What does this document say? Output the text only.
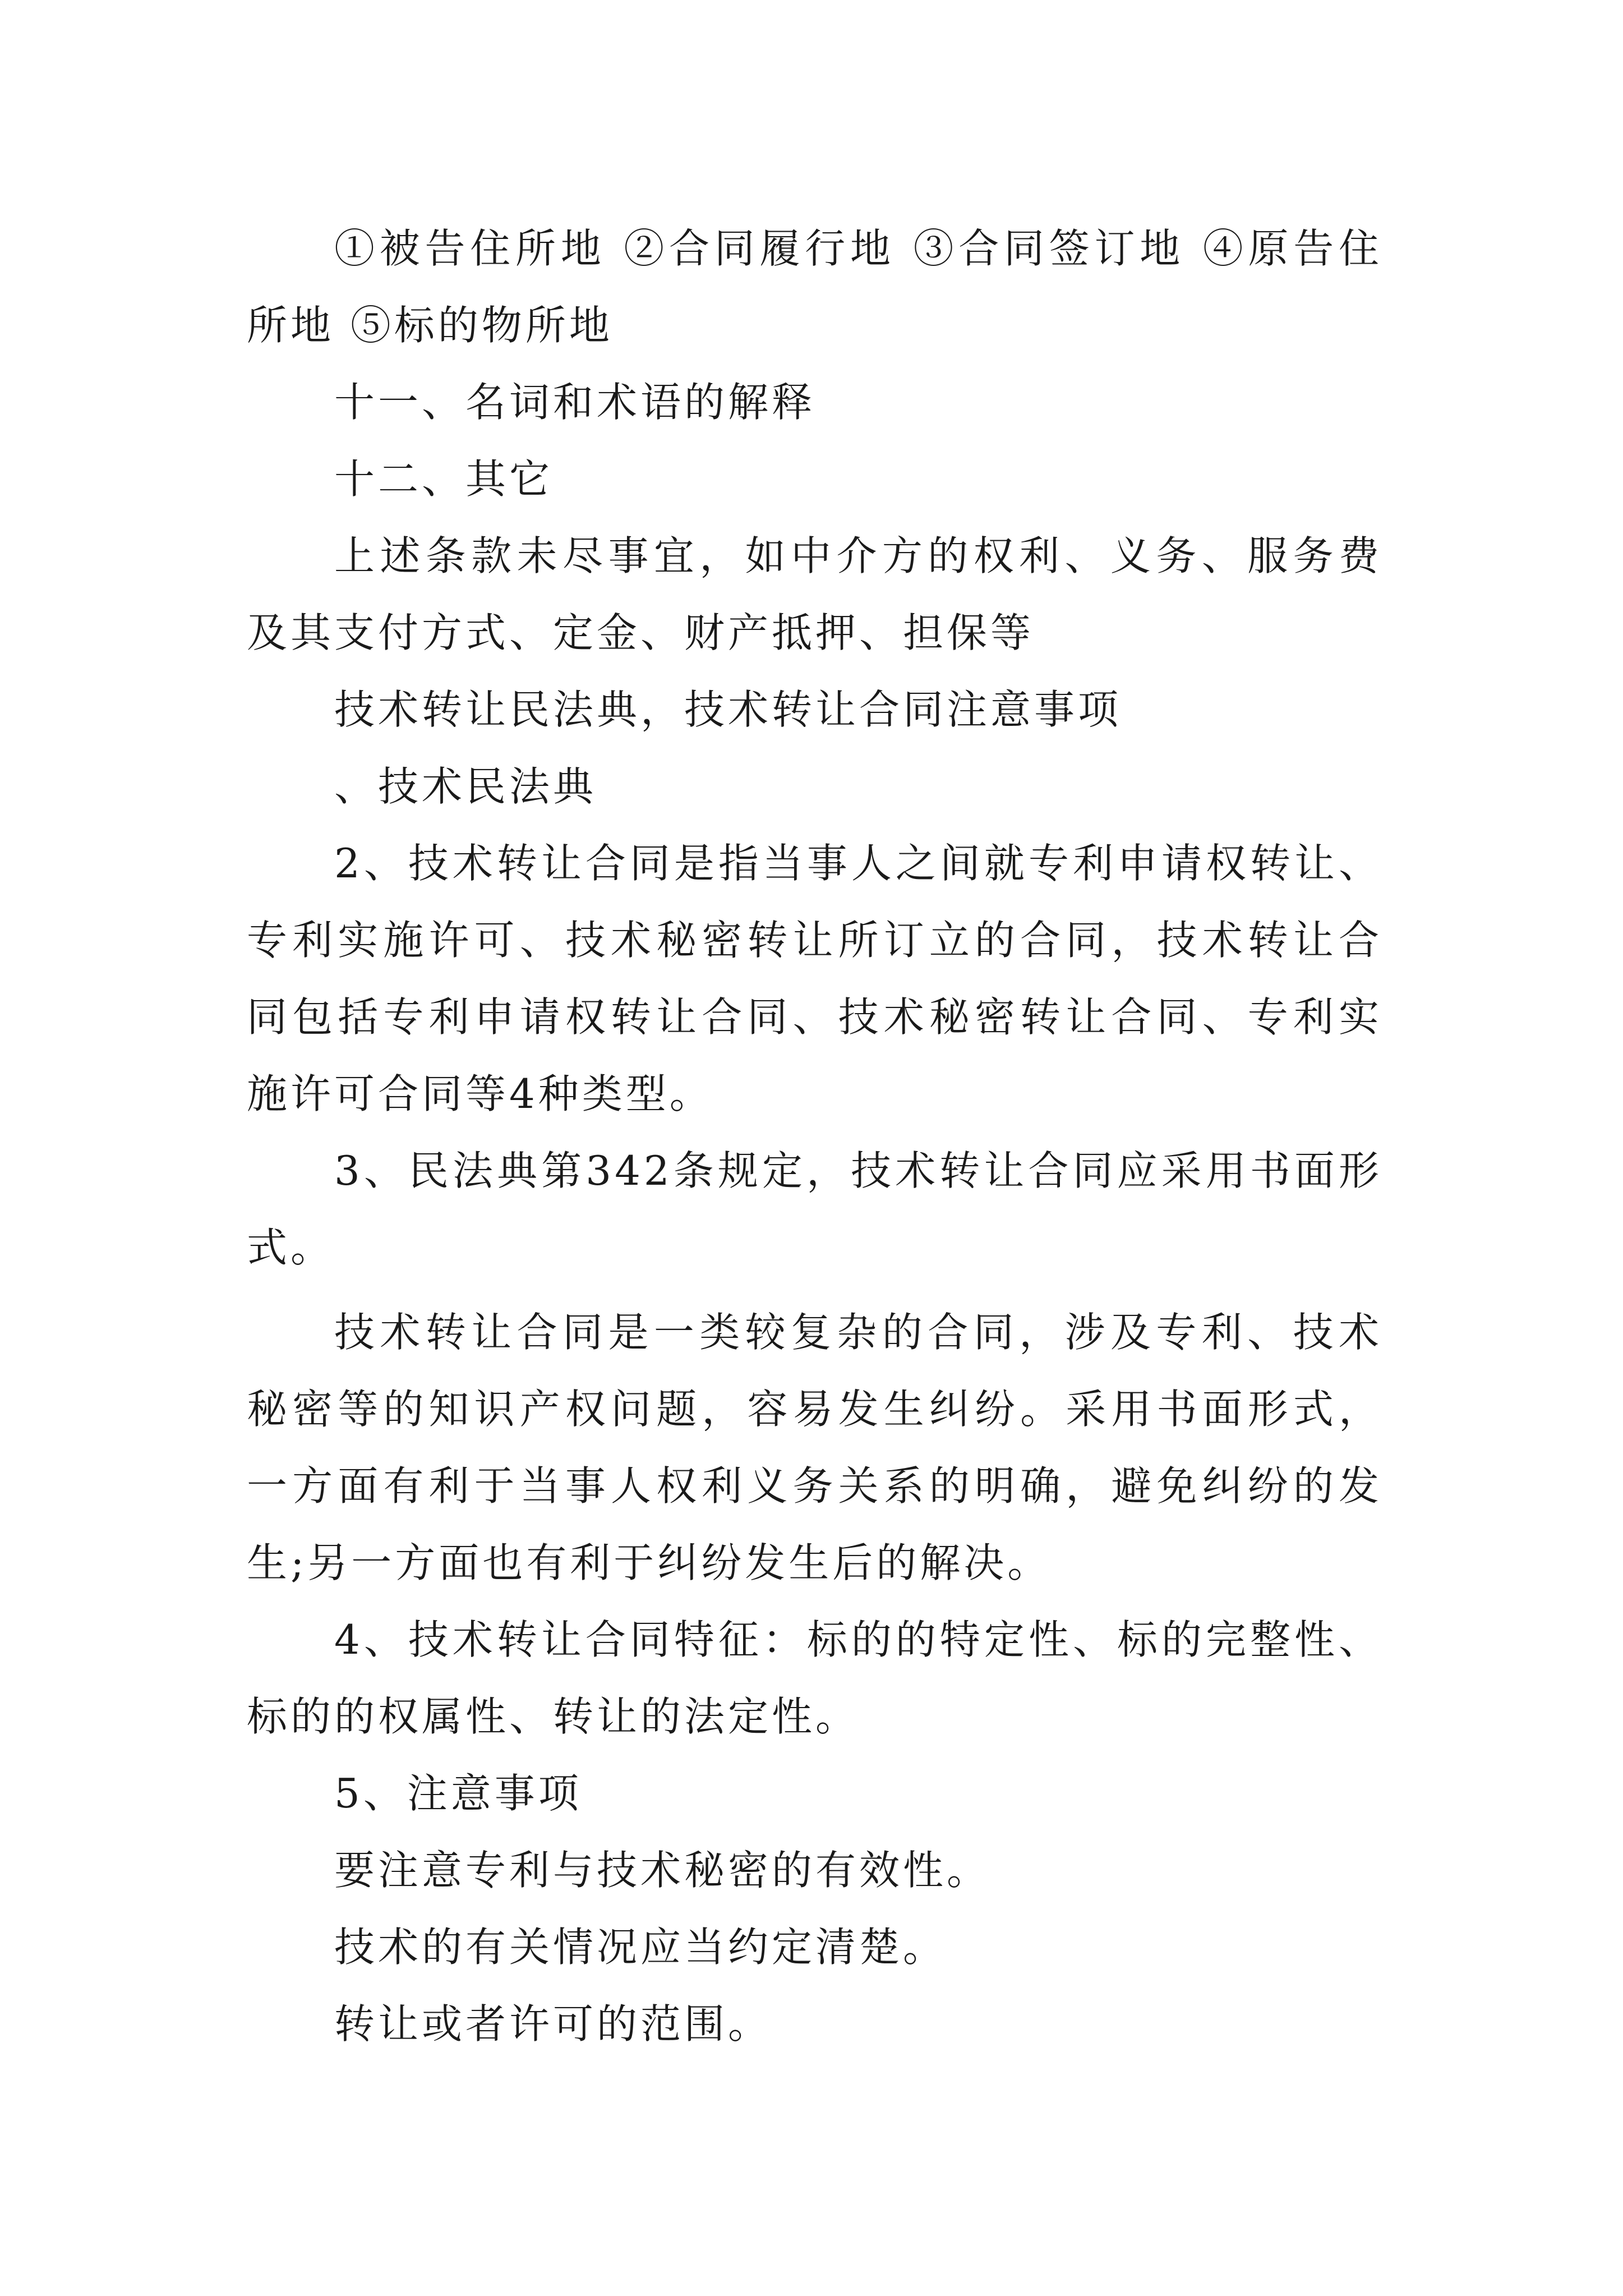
①被告住所地 ②合同履行地 ③合同签订地 ④原告住所地 ⑤标的物所地

十一、名词和术语的解释

十二、其它

上述条款未尽事宜，如中介方的权利、义务、服务费及其支付方式、定金、财产抵押、担保等

技术转让民法典，技术转让合同注意事项

、技术民法典

2、技术转让合同是指当事人之间就专利申请权转让、专利实施许可、技术秘密转让所订立的合同，技术转让合同包括专利申请权转让合同、技术秘密转让合同、专利实施许可合同等4种类型。

3、民法典第342条规定，技术转让合同应采用书面形式。

技术转让合同是一类较复杂的合同，涉及专利、技术秘密等的知识产权问题，容易发生纠纷。采用书面形式，一方面有利于当事人权利义务关系的明确，避免纠纷的发生;另一方面也有利于纠纷发生后的解决。

4、技术转让合同特征：标的的特定性、标的完整性、标的的权属性、转让的法定性。

5、注意事项

要注意专利与技术秘密的有效性。

技术的有关情况应当约定清楚。

转让或者许可的范围。
